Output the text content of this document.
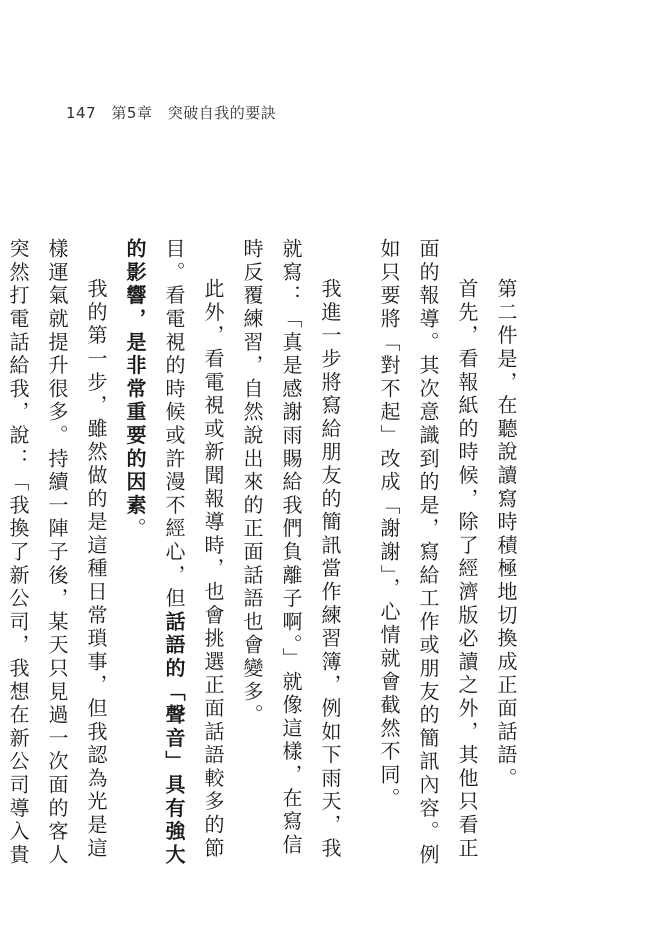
147 第5章 突破自我的要訣

第二件是，在聽說讀寫時積極地切換成正面話語。

首先，看報紙的時候，除了經濟版必讀之外，其他只看正面的報導。其次意識到的是，寫給工作或朋友的簡訊內容。例如只要將「對不起」改成「謝謝」，心情就會截然不同。

我進一步將寫給朋友的簡訊當作練習簿，例如下雨天，我就寫：「真是感謝雨賜給我們負離子啊。」就像這樣，在寫信時反覆練習，自然說出來的正面話語也會變多。

此外，看電視或新聞報導時，也會挑選正面話語較多的節目。看電視的時候或許漫不經心，但話語的「聲音」具有強大的影響，是非常重要的因素。

我的第一步，雖然做的是這種日常瑣事，但我認為光是這樣運氣就提升很多。持續一陣子後，某天只見過一次面的客人突然打電話給我，說：「我換了新公司，我想在新公司導入貴
